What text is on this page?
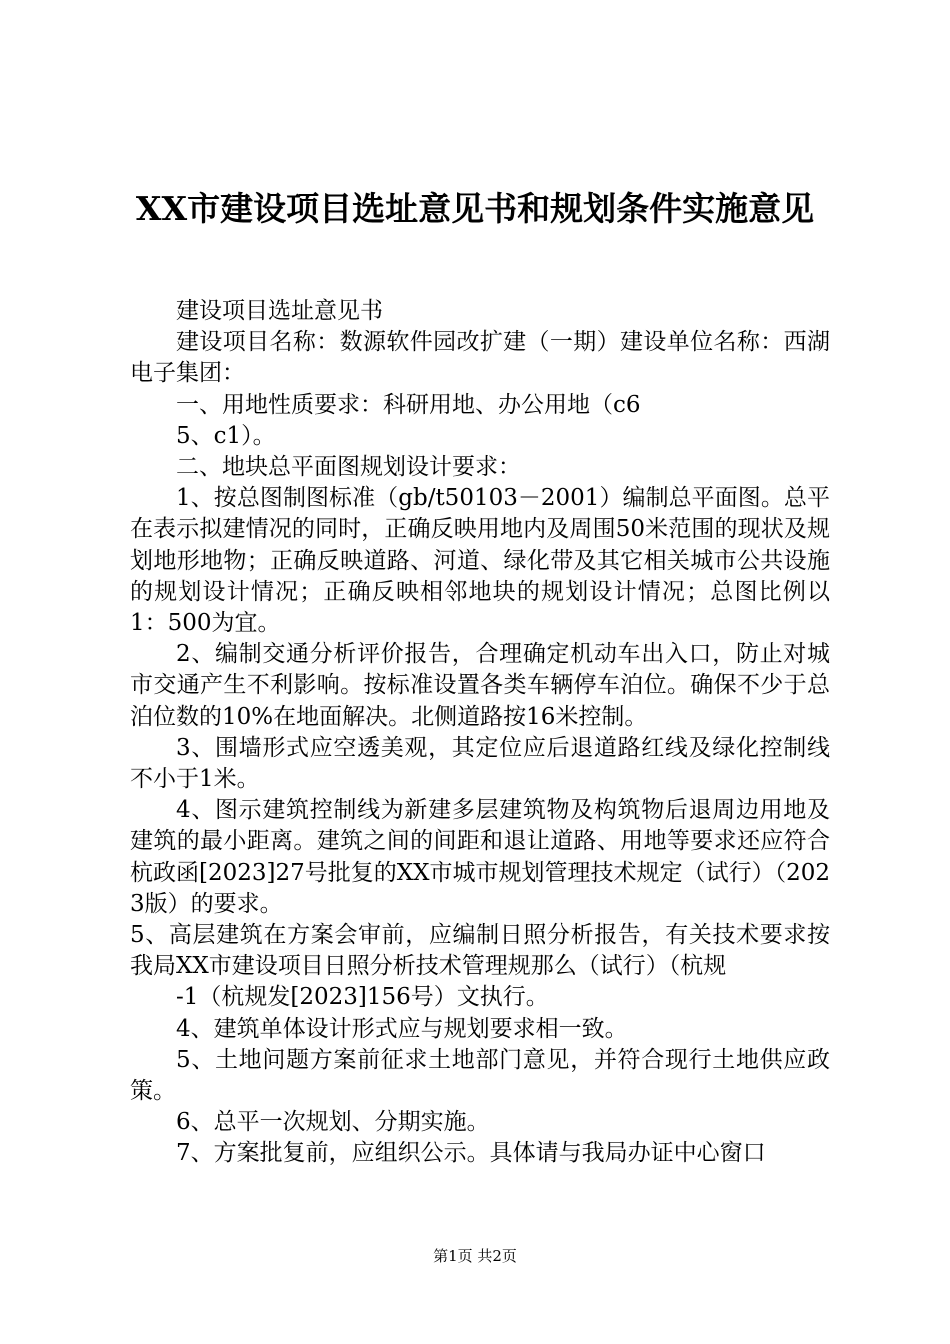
XX市建设项目选址意见书和规划条件实施意见

建设项目选址意见书

建设项目名称：数源软件园改扩建（一期）建设单位名称：西湖电子集团：

一、用地性质要求：科研用地、办公用地（c6

5、c1）。

二、地块总平面图规划设计要求：

1、按总图制图标准（gb/t50103－2001）编制总平面图。总平在表示拟建情况的同时，正确反映用地内及周围50米范围的现状及规划地形地物；正确反映道路、河道、绿化带及其它相关城市公共设施的规划设计情况；正确反映相邻地块的规划设计情况；总图比例以1：500为宜。

2、编制交通分析评价报告，合理确定机动车出入口，防止对城市交通产生不利影响。按标准设置各类车辆停车泊位。确保不少于总泊位数的10%在地面解决。北侧道路按16米控制。

3、围墙形式应空透美观，其定位应后退道路红线及绿化控制线不小于1米。

4、图示建筑控制线为新建多层建筑物及构筑物后退周边用地及建筑的最小距离。建筑之间的间距和退让道路、用地等要求还应符合杭政函[2023]27号批复的XX市城市规划管理技术规定（试行）（2023版）的要求。

5、高层建筑在方案会审前，应编制日照分析报告，有关技术要求按我局XX市建设项目日照分析技术管理规那么（试行）（杭规

-1（杭规发[2023]156号）文执行。

4、建筑单体设计形式应与规划要求相一致。

5、土地问题方案前征求土地部门意见，并符合现行土地供应政策。

6、总平一次规划、分期实施。

7、方案批复前，应组织公示。具体请与我局办证中心窗口

第1页 共2页
